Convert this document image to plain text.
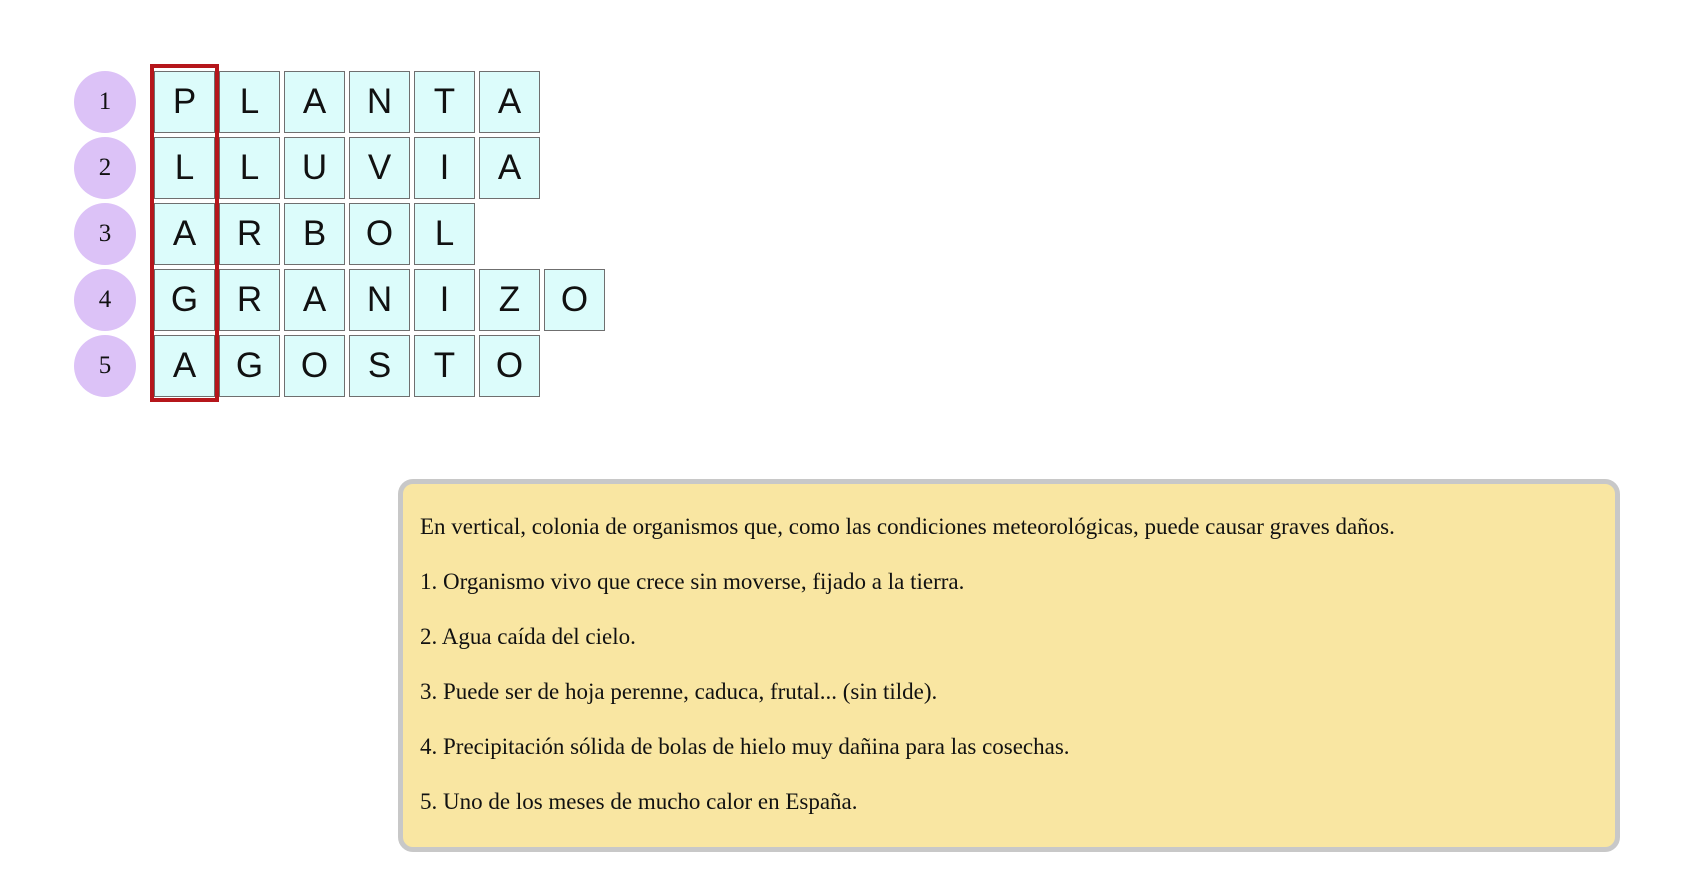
1	P	L	A	N	T	A
2	L	L	U	V	I	A
3	A	R	B	O	L
4	G	R	A	N	I	Z	O
5	A	G	O	S	T	O
En vertical, colonia de organismos que, como las condiciones meteorológicas, puede causar graves daños.
1. Organismo vivo que crece sin moverse, fijado a la tierra.
2. Agua caída del cielo.
3. Puede ser de hoja perenne, caduca, frutal... (sin tilde).
4. Precipitación sólida de bolas de hielo muy dañina para las cosechas.
5. Uno de los meses de mucho calor en España.
